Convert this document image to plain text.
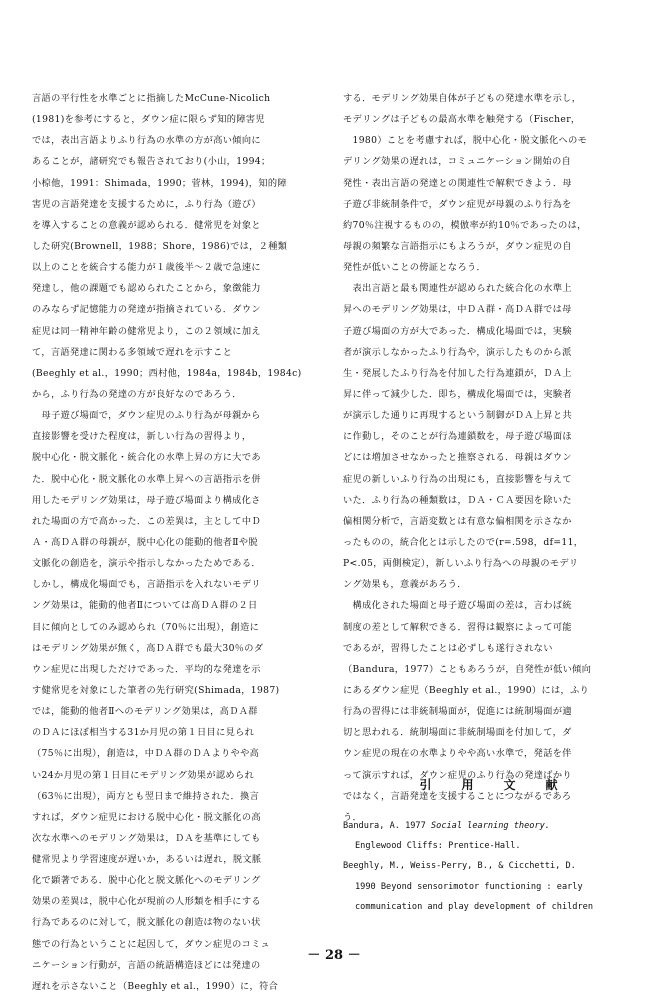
言語の平行性を水準ごとに指摘したMcCune-Nicolich
(1981)を参考にすると，ダウン症に限らず知的障害児
では，表出言語よりふり行為の水準の方が高い傾向に
あることが，諸研究でも報告されており(小山，1994；
小椋他，1991：Shimada，1990；菅林，1994)，知的障
害児の言語発達を支援するために，ふり行為（遊び）
を導入することの意義が認められる．健常児を対象と
した研究(Brownell，1988；Shore，1986)では，２種類
以上のことを統合する能力が１歳後半～２歳で急速に
発達し，他の課題でも認められたことから，象徴能力
のみならず記憶能力の発達が指摘されている．ダウン
症児は同一精神年齢の健常児より，この２領域に加え
て，言語発達に関わる多領域で遅れを示すこと
(Beeghly et al.，1990；西村他，1984a，1984b，1984c)
から，ふり行為の発達の方が良好なのであろう．
　母子遊び場面で，ダウン症児のふり行為が母親から
直接影響を受けた程度は，新しい行為の習得より，
脱中心化・脱文脈化・統合化の水準上昇の方に大であ
た．脱中心化・脱文脈化の水準上昇への言語指示を併
用したモデリング効果は，母子遊び場面より構成化さ
れた場面の方で高かった．この差異は，主として中Ｄ
Ａ・高ＤＡ群の母親が，脱中心化の能動的他者Ⅱや脱
文脈化の創造を，演示や指示しなかったためである．
しかし，構成化場面でも，言語指示を入れないモデリ
ング効果は，能動的他者Ⅱについては高ＤＡ群の２日
目に傾向としてのみ認められ（70％に出現），創造に
はモデリング効果が無く，高ＤＡ群でも最大30％のダ
ウン症児に出現しただけであった．平均的な発達を示
す健常児を対象にした筆者の先行研究(Shimada，1987)
では，能動的他者Ⅱへのモデリング効果は，高ＤＡ群
のＤＡにほぼ相当する31か月児の第１日目に見られ
（75％に出現），創造は，中ＤＡ群のＤＡよりやや高
い24か月児の第１日目にモデリング効果が認められ
（63％に出現），両方とも翌日まで維持された．換言
すれば，ダウン症児における脱中心化・脱文脈化の高
次な水準へのモデリング効果は，ＤＡを基準にしても
健常児より学習速度が遅いか，あるいは遅れ，脱文脈
化で顕著である．脱中心化と脱文脈化へのモデリング
効果の差異は，脱中心化が現前の人形類を相手にする
行為であるのに対して，脱文脈化の創造は物のない状
態での行為ということに起因して，ダウン症児のコミュ
ニケーション行動が，言語の統語構造ほどには発達の
遅れを示さないこと（Beeghly et al.，1990）に，符合
する．モデリング効果自体が子どもの発達水準を示し，
モデリングは子どもの最高水準を触発する（Fischer，
　1980）ことを考慮すれば，脱中心化・脱文脈化へのモ
デリング効果の遅れは，コミュニケーション開始の自
発性・表出言語の発達との関連性で解釈できよう．母
子遊び非統制条件で，ダウン症児が母親のふり行為を
約70％注視するものの，模倣率が約10％であったのは，
母親の頻繁な言語指示にもよろうが，ダウン症児の自
発性が低いことの傍証となろう．
　表出言語と最も関連性が認められた統合化の水準上
昇へのモデリング効果は，中ＤＡ群・高ＤＡ群では母
子遊び場面の方が大であった．構成化場面では，実験
者が演示しなかったふり行為や，演示したものから派
生・発展したふり行為を付加した行為連鎖が，ＤＡ上
昇に伴って減少した．即ち，構成化場面では，実験者
が演示した通りに再現するという制御がＤＡ上昇と共
に作動し，そのことが行為連鎖数を，母子遊び場面ほ
どには増加させなかったと推察される．母親はダウン
症児の新しいふり行為の出現にも，直接影響を与えて
いた．ふり行為の種類数は，ＤＡ・ＣＡ要因を除いた
偏相関分析で，言語変数とは有意な偏相関を示さなか
ったものの，統合化とは示したので(r=.598，df=11，
P<.05，両側検定），新しいふり行為への母親のモデリ
ング効果も，意義があろう．
　構成化された場面と母子遊び場面の差は，言わば統
制度の差として解釈できる．習得は観察によって可能
であるが，習得したことは必ずしも遂行されない
（Bandura，1977）こともあろうが，自発性が低い傾向
にあるダウン症児（Beeghly et al.，1990）には，ふり
行為の習得には非統制場面が，促進には統制場面が適
切と思われる．統制場面に非統制場面を付加して，ダ
ウン症児の現在の水準よりやや高い水準で，発話を伴
って演示すれば，ダウン症児のふり行為の発達ばかり
ではなく，言語発達を支援することにつながるであろ
う．
引　用　文　献
Bandura, A. 1977 Social learning theory.
Englewood Cliffs: Prentice-Hall.
Beeghly, M., Weiss-Perry, B., & Cicchetti, D.
1990 Beyond sensorimotor functioning : early
communication and play development of children
－ 28 －
